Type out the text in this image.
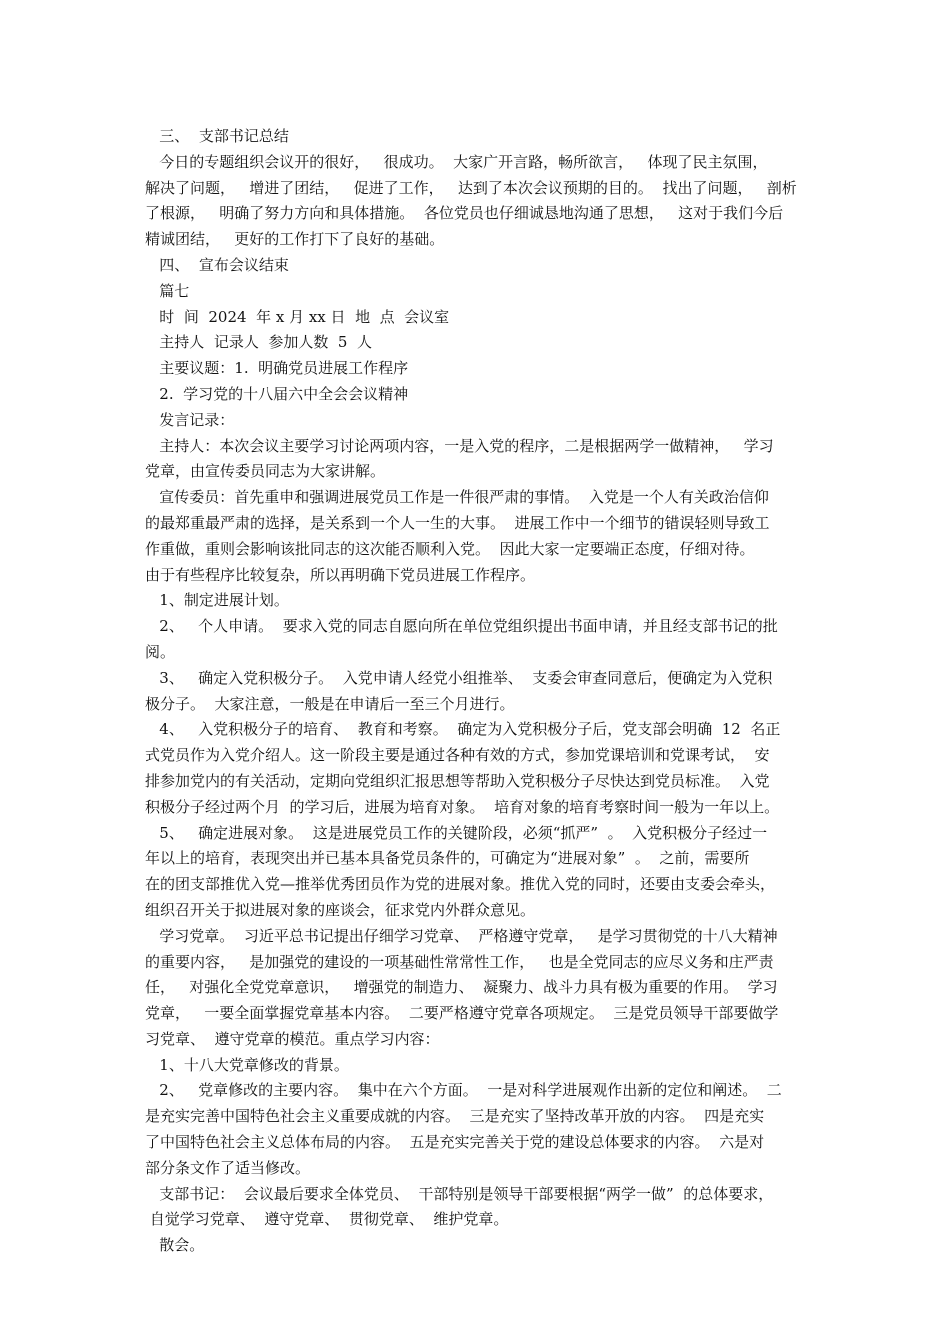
三、  支部书记总结
今日的专题组织会议开的很好，   很成功。  大家广开言路，畅所欲言，   体现了民主氛围，
解决了问题，   增进了团结，   促进了工作，   达到了本次会议预期的目的。  找出了问题，   剖析
了根源，   明确了努力方向和具体措施。  各位党员也仔细诚恳地沟通了思想，   这对于我们今后
精诚团结，   更好的工作打下了良好的基础。
四、  宣布会议结束
篇七
时  间  2024  年 x 月 xx 日  地  点  会议室
主持人  记录人  参加人数  5  人
主要议题：1.  明确党员进展工作程序
2.  学习党的十八届六中全会会议精神
发言记录：
主持人：本次会议主要学习讨论两项内容，一是入党的程序，二是根据两学一做精神，   学习
党章，由宣传委员同志为大家讲解。
宣传委员：首先重申和强调进展党员工作是一件很严肃的事情。  入党是一个人有关政治信仰
的最郑重最严肃的选择，是关系到一个人一生的大事。  进展工作中一个细节的错误轻则导致工
作重做，重则会影响该批同志的这次能否顺利入党。  因此大家一定要端正态度，仔细对待。
由于有些程序比较复杂，所以再明确下党员进展工作程序。
1、制定进展计划。
2、   个人申请。  要求入党的同志自愿向所在单位党组织提出书面申请，并且经支部书记的批
阅。
3、   确定入党积极分子。  入党申请人经党小组推举、  支委会审查同意后，便确定为入党积
极分子。  大家注意，一般是在申请后一至三个月进行。
4、   入党积极分子的培育、  教育和考察。  确定为入党积极分子后，党支部会明确  12  名正
式党员作为入党介绍人。这一阶段主要是通过各种有效的方式，参加党课培训和党课考试，  安
排参加党内的有关活动，定期向党组织汇报思想等帮助入党积极分子尽快达到党员标准。  入党
积极分子经过两个月  的学习后，进展为培育对象。  培育对象的培育考察时间一般为一年以上。
5、   确定进展对象。  这是进展党员工作的关键阶段，必须“抓严”  。  入党积极分子经过一
年以上的培育，表现突出并已基本具备党员条件的，可确定为“进展对象”  。  之前，需要所
在的团支部推优入党—推举优秀团员作为党的进展对象。推优入党的同时，还要由支委会牵头，
组织召开关于拟进展对象的座谈会，征求党内外群众意见。
学习党章。  习近平总书记提出仔细学习党章、  严格遵守党章，   是学习贯彻党的十八大精神
的重要内容，   是加强党的建设的一项基础性常常性工作，   也是全党同志的应尽义务和庄严责
任，   对强化全党党章意识，   增强党的制造力、  凝聚力、战斗力具有极为重要的作用。  学习
党章，   一要全面掌握党章基本内容。  二要严格遵守党章各项规定。  三是党员领导干部要做学
习党章、  遵守党章的模范。重点学习内容：
1、十八大党章修改的背景。
2、   党章修改的主要内容。  集中在六个方面。  一是对科学进展观作出新的定位和阐述。  二
是充实完善中国特色社会主义重要成就的内容。  三是充实了坚持改革开放的内容。  四是充实
了中国特色社会主义总体布局的内容。  五是充实完善关于党的建设总体要求的内容。  六是对
部分条文作了适当修改。
支部书记：  会议最后要求全体党员、  干部特别是领导干部要根据“两学一做”  的总体要求，
自觉学习党章、  遵守党章、  贯彻党章、  维护党章。
散会。
